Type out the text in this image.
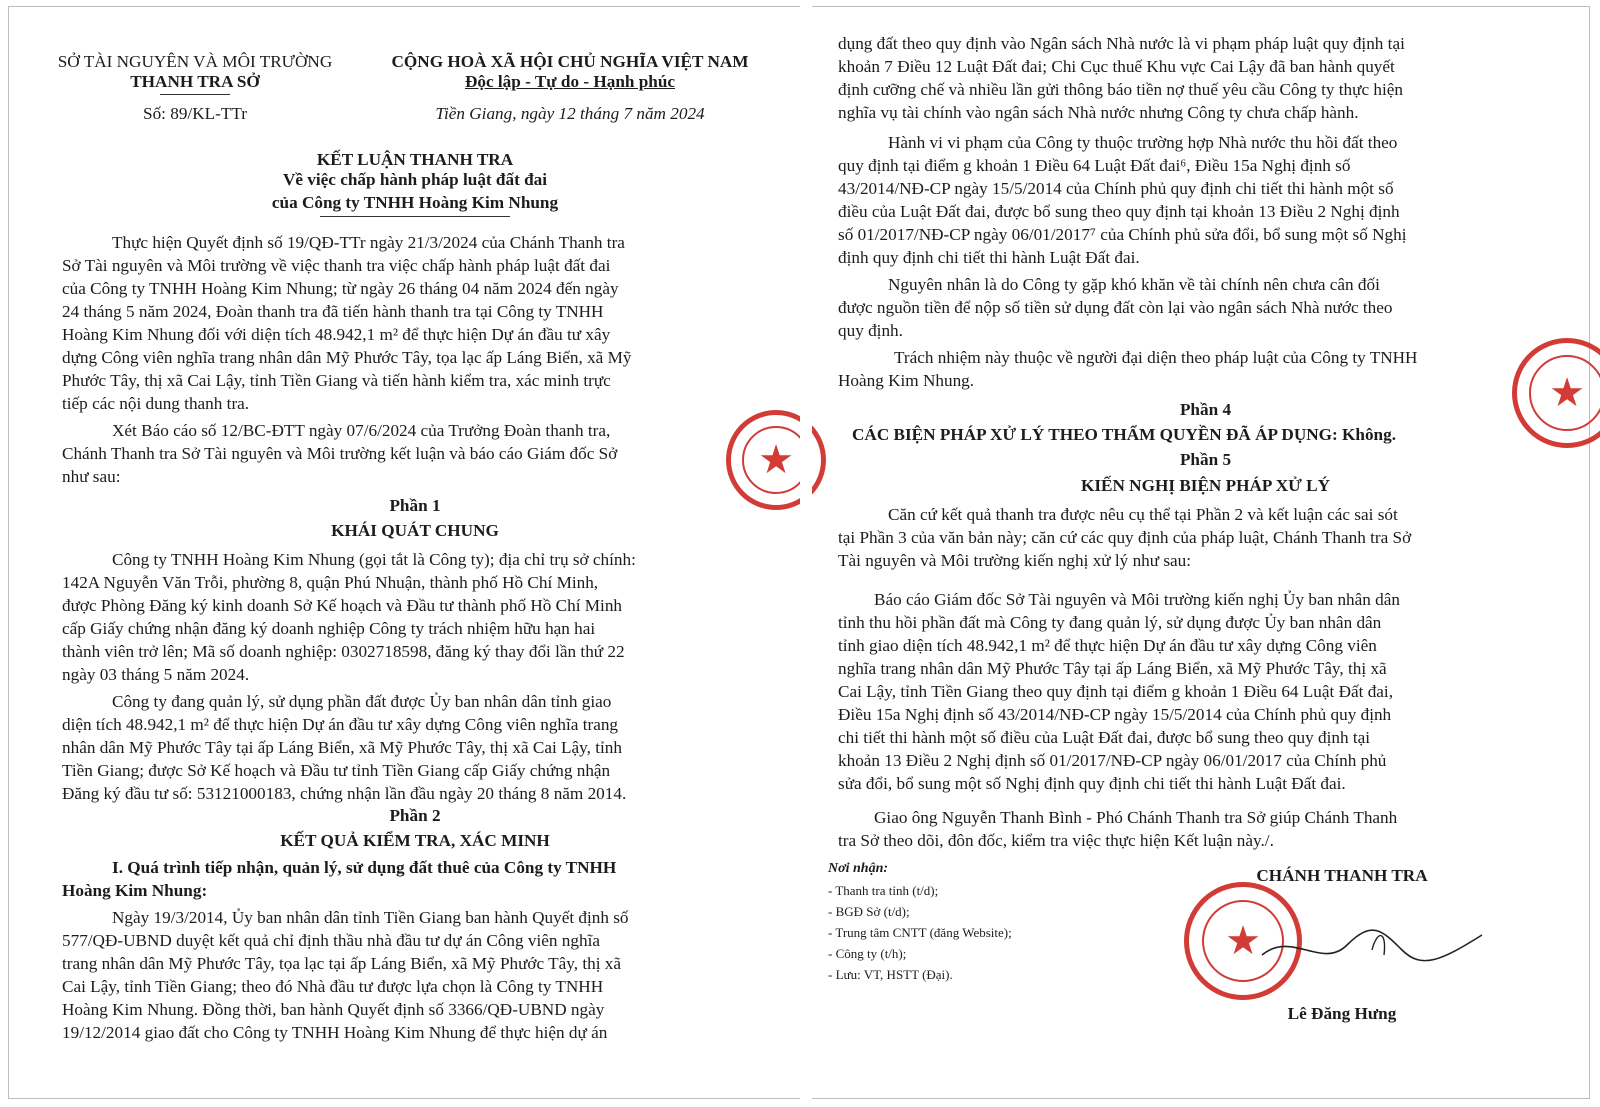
SỞ TÀI NGUYÊN VÀ MÔI TRƯỜNG
THANH TRA SỞ
Số: 89/KL-TTr
CỘNG HOÀ XÃ HỘI CHỦ NGHĨA VIỆT NAM
Độc lập - Tự do - Hạnh phúc
Tiền Giang, ngày 12 tháng 7 năm 2024
KẾT LUẬN THANH TRA
Về việc chấp hành pháp luật đất đai
của Công ty TNHH Hoàng Kim Nhung
Thực hiện Quyết định số 19/QĐ-TTr ngày 21/3/2024 của Chánh Thanh tra
Sở Tài nguyên và Môi trường về việc thanh tra việc chấp hành pháp luật đất đai
của Công ty TNHH Hoàng Kim Nhung; từ ngày 26 tháng 04 năm 2024 đến ngày
24 tháng 5 năm 2024, Đoàn thanh tra đã tiến hành thanh tra tại Công ty TNHH
Hoàng Kim Nhung đối với diện tích 48.942,1 m² để thực hiện Dự án đầu tư xây
dựng Công viên nghĩa trang nhân dân Mỹ Phước Tây, tọa lạc ấp Láng Biển, xã Mỹ
Phước Tây, thị xã Cai Lậy, tỉnh Tiền Giang và tiến hành kiểm tra, xác minh trực
tiếp các nội dung thanh tra.
Xét Báo cáo số 12/BC-ĐTT ngày 07/6/2024 của Trưởng Đoàn thanh tra,
Chánh Thanh tra Sở Tài nguyên và Môi trường kết luận và báo cáo Giám đốc Sở
như sau:
Phần 1
KHÁI QUÁT CHUNG
Công ty TNHH Hoàng Kim Nhung (gọi tắt là Công ty); địa chỉ trụ sở chính:
142A Nguyễn Văn Trỗi, phường 8, quận Phú Nhuận, thành phố Hồ Chí Minh,
được Phòng Đăng ký kinh doanh Sở Kế hoạch và Đầu tư thành phố Hồ Chí Minh
cấp Giấy chứng nhận đăng ký doanh nghiệp Công ty trách nhiệm hữu hạn hai
thành viên trở lên; Mã số doanh nghiệp: 0302718598, đăng ký thay đổi lần thứ 22
ngày 03 tháng 5 năm 2024.
Công ty đang quản lý, sử dụng phần đất được Ủy ban nhân dân tỉnh giao
diện tích 48.942,1 m² để thực hiện Dự án đầu tư xây dựng Công viên nghĩa trang
nhân dân Mỹ Phước Tây tại ấp Láng Biển, xã Mỹ Phước Tây, thị xã Cai Lậy, tỉnh
Tiền Giang; được Sở Kế hoạch và Đầu tư tỉnh Tiền Giang cấp Giấy chứng nhận
Đăng ký đầu tư số: 53121000183, chứng nhận lần đầu ngày 20 tháng 8 năm 2014.
Phần 2
KẾT QUẢ KIỂM TRA, XÁC MINH
I. Quá trình tiếp nhận, quản lý, sử dụng đất thuê của Công ty TNHH
Hoàng Kim Nhung:
Ngày 19/3/2014, Ủy ban nhân dân tỉnh Tiền Giang ban hành Quyết định số
577/QĐ-UBND duyệt kết quả chỉ định thầu nhà đầu tư dự án Công viên nghĩa
trang nhân dân Mỹ Phước Tây, tọa lạc tại ấp Láng Biển, xã Mỹ Phước Tây, thị xã
Cai Lậy, tỉnh Tiền Giang; theo đó Nhà đầu tư được lựa chọn là Công ty TNHH
Hoàng Kim Nhung. Đồng thời, ban hành Quyết định số 3366/QĐ-UBND ngày
19/12/2014 giao đất cho Công ty TNHH Hoàng Kim Nhung để thực hiện dự án
★
dụng đất theo quy định vào Ngân sách Nhà nước là vi phạm pháp luật quy định tại
khoản 7 Điều 12 Luật Đất đai; Chi Cục thuế Khu vực Cai Lậy đã ban hành quyết
định cưỡng chế và nhiều lần gửi thông báo tiền nợ thuế yêu cầu Công ty thực hiện
nghĩa vụ tài chính vào ngân sách Nhà nước nhưng Công ty chưa chấp hành.
Hành vi vi phạm của Công ty thuộc trường hợp Nhà nước thu hồi đất theo
quy định tại điểm g khoản 1 Điều 64 Luật Đất đai⁶, Điều 15a Nghị định số
43/2014/NĐ-CP ngày 15/5/2014 của Chính phủ quy định chi tiết thi hành một số
điều của Luật Đất đai, được bổ sung theo quy định tại khoản 13 Điều 2 Nghị định
số 01/2017/NĐ-CP ngày 06/01/2017⁷ của Chính phủ sửa đổi, bổ sung một số Nghị
định quy định chi tiết thi hành Luật Đất đai.
Nguyên nhân là do Công ty gặp khó khăn về tài chính nên chưa cân đối
được nguồn tiền để nộp số tiền sử dụng đất còn lại vào ngân sách Nhà nước theo
quy định.
Trách nhiệm này thuộc về người đại diện theo pháp luật của Công ty TNHH
Hoàng Kim Nhung.
Phần 4
CÁC BIỆN PHÁP XỬ LÝ THEO THẨM QUYỀN ĐÃ ÁP DỤNG: Không.
Phần 5
KIẾN NGHỊ BIỆN PHÁP XỬ LÝ
Căn cứ kết quả thanh tra được nêu cụ thể tại Phần 2 và kết luận các sai sót
tại Phần 3 của văn bản này; căn cứ các quy định của pháp luật, Chánh Thanh tra Sở
Tài nguyên và Môi trường kiến nghị xử lý như sau:
Báo cáo Giám đốc Sở Tài nguyên và Môi trường kiến nghị Ủy ban nhân dân
tỉnh thu hồi phần đất mà Công ty đang quản lý, sử dụng được Ủy ban nhân dân
tỉnh giao diện tích 48.942,1 m² để thực hiện Dự án đầu tư xây dựng Công viên
nghĩa trang nhân dân Mỹ Phước Tây tại ấp Láng Biển, xã Mỹ Phước Tây, thị xã
Cai Lậy, tỉnh Tiền Giang theo quy định tại điểm g khoản 1 Điều 64 Luật Đất đai,
Điều 15a Nghị định số 43/2014/NĐ-CP ngày 15/5/2014 của Chính phủ quy định
chi tiết thi hành một số điều của Luật Đất đai, được bổ sung theo quy định tại
khoản 13 Điều 2 Nghị định số 01/2017/NĐ-CP ngày 06/01/2017 của Chính phủ
sửa đổi, bổ sung một số Nghị định quy định chi tiết thi hành Luật Đất đai.
Giao ông Nguyễn Thanh Bình - Phó Chánh Thanh tra Sở giúp Chánh Thanh
tra Sở theo dõi, đôn đốc, kiểm tra việc thực hiện Kết luận này./.
Nơi nhận:
- Thanh tra tỉnh (t/d);
- BGĐ Sở (t/d);
- Trung tâm CNTT (đăng Website);
- Công ty (t/h);
- Lưu: VT, HSTT (Đại).
CHÁNH THANH TRA
Lê Đăng Hưng
★
★
